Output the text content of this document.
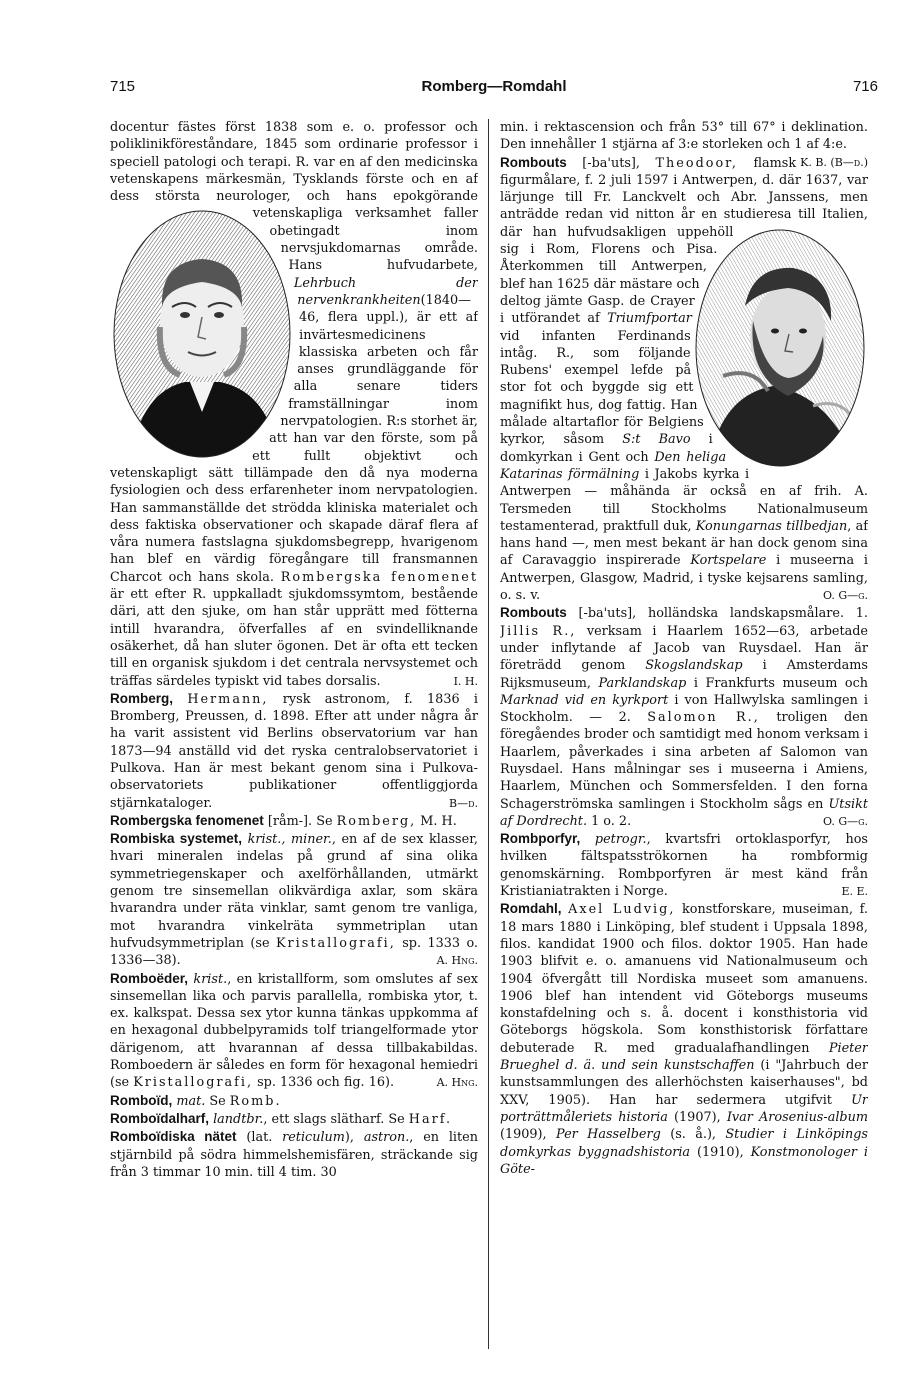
715	Romberg—Romdahl	716

docentur fästes först 1838 som e. o. professor och poliklinikföreståndare, 1845 som ordinarie professor i speciell patologi och terapi. R. var en af den medicinska vetenskapens märkesmän, Tysklands förste och en af dess största neurologer, och
hans epokgörande vetenskapliga verksamhet faller obetingadt inom nervsjukdomarnas område. Hans hufvudarbete, Lehrbuch der nervenkrankheiten(1840—46, flera uppl.), är ett af invärtesmedicinens klassiska arbeten och får anses grundläggande för alla senare tiders framställningar inom nervpatologien. R:s storhet är, att han var den förste, som på ett fullt objektivt och vetenskapligt sätt tillämpade den då nya moderna fysiologien och dess erfarenheter inom nervpatologien. Han sammanställde det strödda kliniska materialet och dess faktiska observationer och skapade däraf flera af våra numera fastslagna sjukdomsbegrepp, hvarigenom han blef en värdig föregångare till fransmannen Charcot och hans skola. Rombergska fenomenet är ett efter R. uppkalladt sjukdomssymtom, bestående däri, att den sjuke, om han står upprätt med fötterna intill hvarandra, öfverfalles af en svindelliknande osäkerhet, då han sluter ögonen. Det är ofta ett tecken till en organisk sjukdom i det centrala nervsystemet och träffas särdeles typiskt vid tabes dorsalis.	I. H.

Romberg, Hermann, rysk astronom, f. 1836 i Bromberg, Preussen, d. 1898. Efter att under några år ha varit assistent vid Berlins observatorium var han 1873—94 anställd vid det ryska centralobservatoriet i Pulkova. Han är mest bekant genom sina i Pulkova-observatoriets publikationer offentliggjorda stjärnkataloger.	B—d.

Rombergska fenomenet [råm-]. Se Romberg, M. H.

Rombiska systemet, krist., miner., en af de sex klasser, hvari mineralen indelas på grund af sina olika symmetriegenskaper och axelförhållanden, utmärkt genom tre sinsemellan olikvärdiga axlar, som skära hvarandra under räta vinklar, samt genom tre vanliga, mot hvarandra vinkelräta symmetriplan utan hufvudsymmetriplan (se Kristallografi, sp. 1333 o. 1336—38).	A. Hng.

Romboëder, krist., en kristallform, som omslutes af sex sinsemellan lika och parvis parallella, rombiska ytor, t. ex. kalkspat. Dessa sex ytor kunna tänkas uppkomma af en hexagonal dubbelpyramids tolf triangelformade ytor därigenom, att hvarannan af dessa tillbakabildas. Romboedern är således en form för hexagonal hemiedri (se Kristallografi, sp. 1336 och fig. 16).	A. Hng.

Romboïd, mat. Se Romb.

Romboïdalharf, landtbr., ett slags slätharf. Se Harf.

Romboïdiska nätet (lat. reticulum), astron., en liten stjärnbild på södra himmelshemisfären, sträckande sig från 3 timmar 10 min. till 4 tim. 30

min. i rektascension och från 53° till 67° i deklination. Den innehåller 1 stjärna af 3:e storleken och 1 af 4:e.
K. B. (B—d.)

Rombouts [-ba'uts], Theodoor, flamsk figurmålare, f. 2 juli 1597 i Antwerpen, d. där 1637, var lärjunge till Fr. Lanckvelt och Abr. Janssens, men anträdde redan vid nitton år en stu
dieresa till Italien, där han hufvudsakligen uppehöll sig i Rom, Florens och Pisa. Återkommen till Antwerpen, blef han 1625 där mästare och deltog jämte Gasp. de Crayer i utförandet af Triumfportar vid infanten Ferdinands intåg. R., som följande Rubens' exempel lefde på stor fot och byggde sig ett magnifikt hus, dog fattig. Han målade altartaflor för Belgiens kyrkor, såsom S:t Bavo i domkyrkan i Gent och Den heliga Katarinas förmälning i Jakobs kyrka i Antwerpen — måhända är också en af frih. A. Tersmeden till Stockholms Nationalmuseum testamenterad, praktfull duk, Konungarnas tillbedjan, af hans hand —, men mest bekant är han dock genom sina af Caravaggio inspirerade Kortspelare i museerna i Antwerpen, Glasgow, Madrid, i tyske kejsarens samling, o. s. v.	O. G—g.

Rombouts [-ba'uts], holländska landskapsmålare. 1. Jillis R., verksam i Haarlem 1652—63, arbetade under inflytande af Jacob van Ruysdael. Han är företrädd genom Skogslandskap i Amsterdams Rijksmuseum, Parklandskap i Frankfurts museum och Marknad vid en kyrkport i von Hallwylska samlingen i Stockholm. — 2. Salomon R., troligen den föregåendes broder och samtidigt med honom verksam i Haarlem, påverkades i sina arbeten af Salomon van Ruysdael. Hans målningar ses i museerna i Amiens, Haarlem, München och Sommersfelden. I den forna Schagerströmska samlingen i Stockholm sågs en Utsikt af Dordrecht. 1 o. 2.	O. G—g.

Rombporfyr, petrogr., kvartsfri ortoklasporfyr, hos hvilken fältspatsströkornen ha rombformig genomskärning. Rombporfyren är mest känd från Kristianiatrakten i Norge.	E. E.

Romdahl, Axel Ludvig, konstforskare, museiman, f. 18 mars 1880 i Linköping, blef student i Uppsala 1898, filos. kandidat 1900 och filos. doktor 1905. Han hade 1903 blifvit e. o. amanuens vid Nationalmuseum och 1904 öfvergått till Nordiska museet som amanuens. 1906 blef han intendent vid Göteborgs museums konstafdelning och s. å. docent i konsthistoria vid Göteborgs högskola. Som konsthistorisk författare debuterade R. med gradualafhandlingen Pieter Brueghel d. ä. und sein kunstschaffen (i "Jahrbuch der kunstsammlungen des allerhöchsten kaiserhauses", bd XXV, 1905). Han har sedermera utgifvit Ur porträttmåleriets historia (1907), Ivar Arosenius-album (1909), Per Hasselberg (s. å.), Studier i Linköpings domkyrkas byggnadshistoria (1910), Konstmonologer i Göte-
